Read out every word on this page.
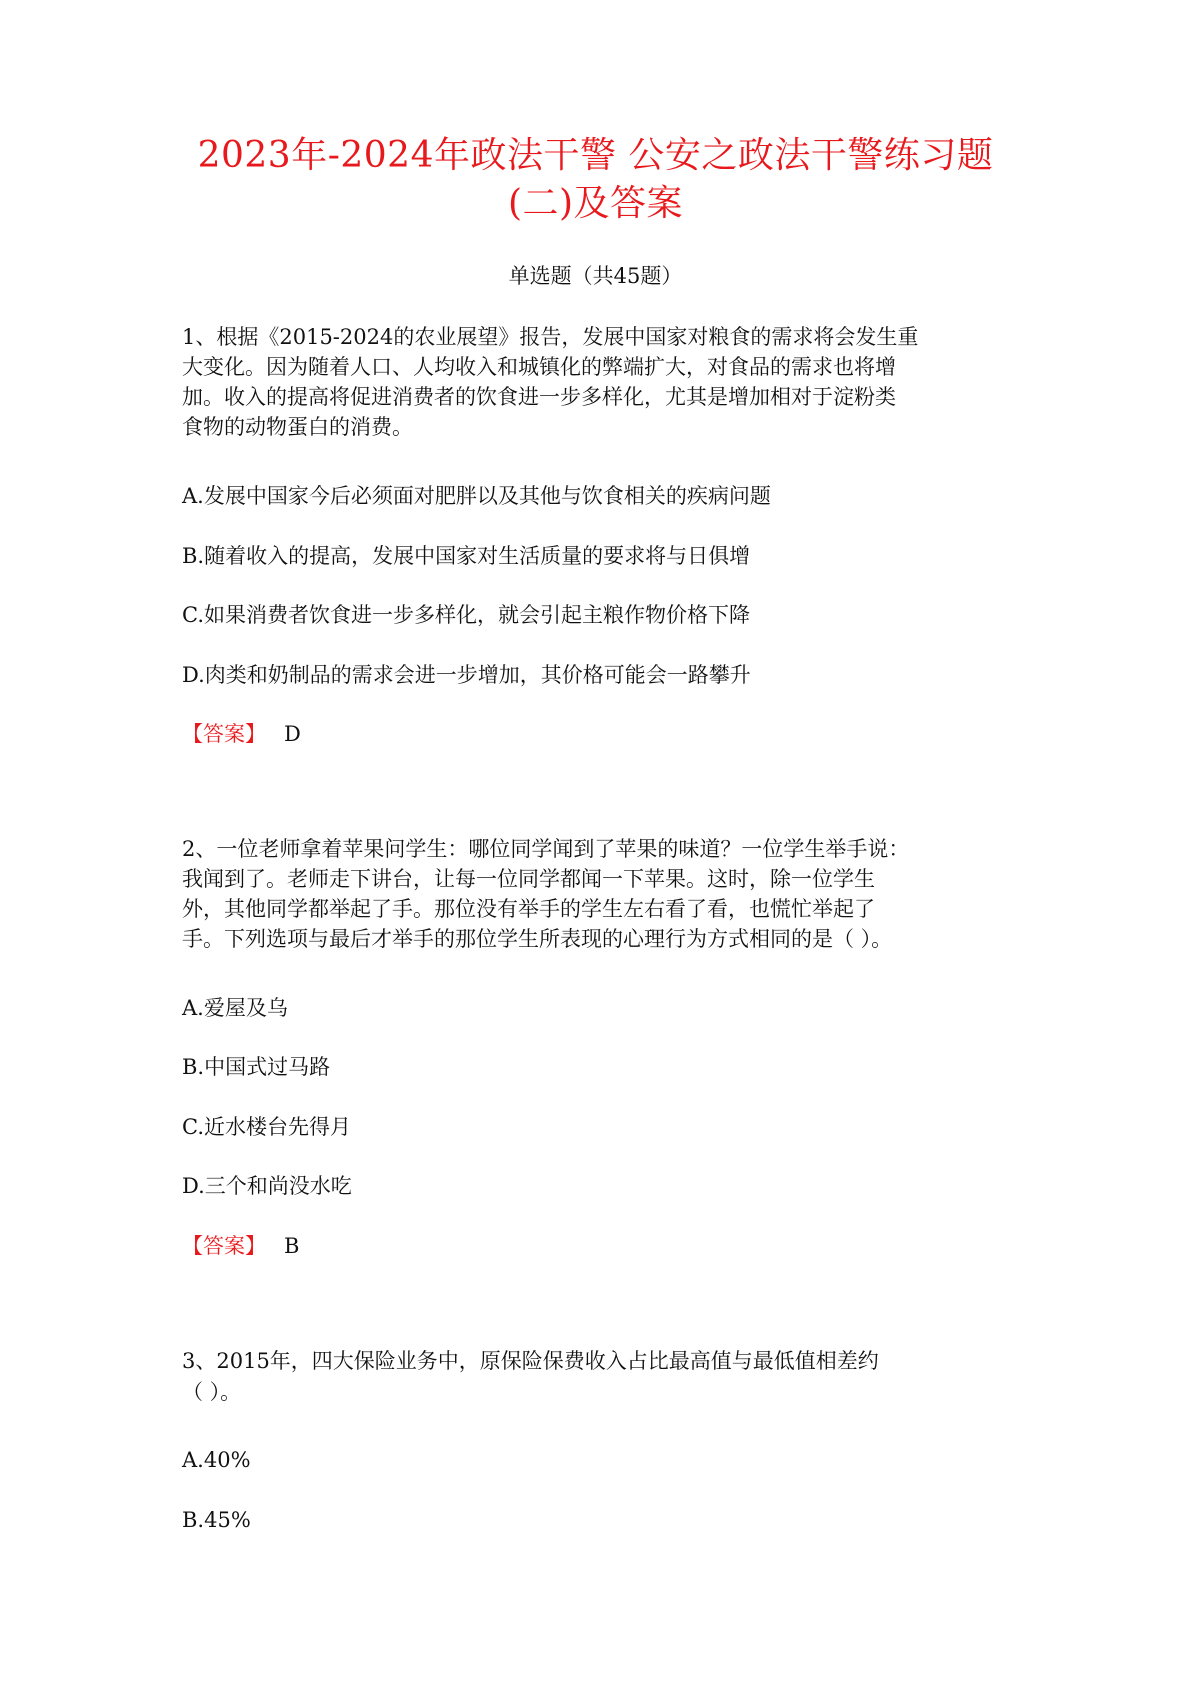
2023年-2024年政法干警 公安之政法干警练习题
(二)及答案
单选题（共45题）
1、根据《2015-2024的农业展望》报告，发展中国家对粮食的需求将会发生重
大变化。因为随着人口、人均收入和城镇化的弊端扩大，对食品的需求也将增
加。收入的提高将促进消费者的饮食进一步多样化，尤其是增加相对于淀粉类
食物的动物蛋白的消费。
A.发展中国家今后必须面对肥胖以及其他与饮食相关的疾病问题
B.随着收入的提高，发展中国家对生活质量的要求将与日俱增
C.如果消费者饮食进一步多样化，就会引起主粮作物价格下降
D.肉类和奶制品的需求会进一步增加，其价格可能会一路攀升
【答案】 D
2、一位老师拿着苹果问学生：哪位同学闻到了苹果的味道？一位学生举手说：
我闻到了。老师走下讲台，让每一位同学都闻一下苹果。这时，除一位学生
外，其他同学都举起了手。那位没有举手的学生左右看了看，也慌忙举起了
手。下列选项与最后才举手的那位学生所表现的心理行为方式相同的是（ ）。
A.爱屋及乌
B.中国式过马路
C.近水楼台先得月
D.三个和尚没水吃
【答案】 B
3、2015年，四大保险业务中，原保险保费收入占比最高值与最低值相差约
（ ）。
A.40%
B.45%
